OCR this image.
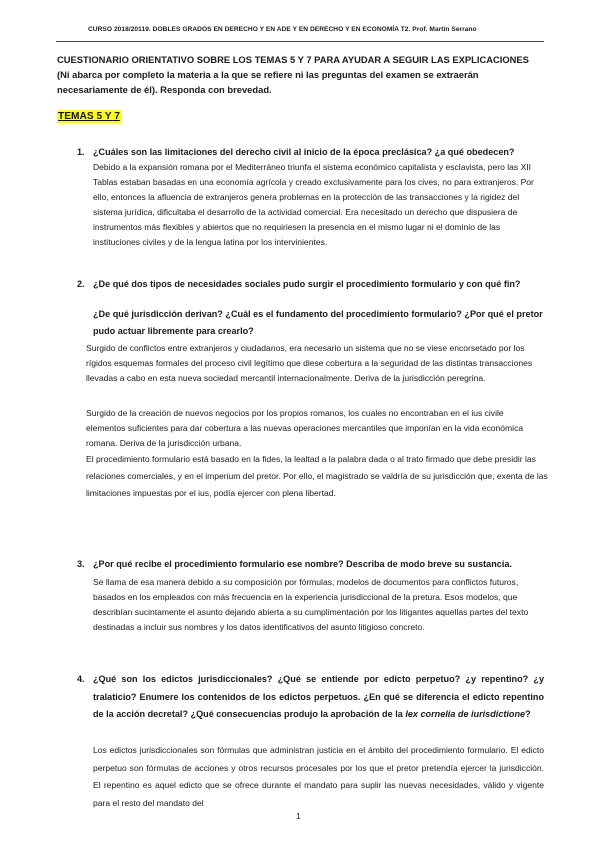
CURSO 2018/20119. DOBLES GRADOS EN DERECHO Y EN ADE Y EN DERECHO Y EN ECONOMÍA T2. Prof. Martín Serrano

CUESTIONARIO ORIENTATIVO SOBRE LOS TEMAS 5 Y 7 PARA AYUDAR A SEGUIR LAS EXPLICACIONES (Ni abarca por completo la materia a la que se refiere ni las preguntas del examen se extraerán necesariamente de él). Responda con brevedad.

TEMAS 5 Y 7
1. ¿Cuáles son las limitaciones del derecho civil al inicio de la época preclásica? ¿a qué obedecen?

Debido a la expansión romana por el Mediterráneo triunfa el sistema económico capitalista y esclavista, pero las XII Tablas estaban basadas en una economía agrícola y creado exclusivamente para los cives, no para extranjeros. Por ello, entonces la afluencia de extranjeros genera problemas en la protección de las transacciones y la rigidez del sistema jurídica, dificultaba el desarrollo de la actividad comercial. Era necesitado un derecho que dispusiera de instrumentos más flexibles y abiertos que no requiriesen la presencia en el mismo lugar ni el dominio de las instituciones civiles y de la lengua latina por los intervinientes.

2. ¿De qué dos tipos de necesidades sociales pudo surgir el procedimiento formulario y con qué fin?

¿De qué jurisdicción derivan? ¿Cuál es el fundamento del procedimiento formulario? ¿Por qué el pretor pudo actuar libremente para crearlo?

Surgido de conflictos entre extranjeros y ciudadanos, era necesario un sistema que no se viese encorsetado por los rígidos esquemas formales del proceso civil legítimo que diese cobertura a la seguridad de las distintas transacciones llevadas a cabo en esta nueva sociedad mercantil internacionalmente. Deriva de la jurisdicción peregrina.

Surgido de la creación de nuevos negocios por los propios romanos, los cuales no encontraban en el ius civile elementos suficientes para dar cobertura a las nuevas operaciones mercantiles que imponían en la vida económica romana. Deriva de la jurisdicción urbana.

El procedimiento formulario está basado en la fides, la lealtad a la palabra dada o al trato firmado que debe presidir las relaciones comerciales, y en el imperium del pretor. Por ello, el magistrado se valdría de su jurisdicción que, exenta de las limitaciones impuestas por el ius, podía ejercer con plena libertad.

3. ¿Por qué recibe el procedimiento formulario ese nombre? Describa de modo breve su sustancia.

Se llama de esa manera debido a su composición por fórmulas, modelos de documentos para conflictos futuros, basados en los empleados con más frecuencia en la experiencia jurisdiccional de la pretura. Esos modelos, que describían sucintamente el asunto dejando abierta a su cumplimentación por los litigantes aquellas partes del texto destinadas a incluir sus nombres y los datos identificativos del asunto litigioso concreto.

4. ¿Qué son los edictos jurisdiccionales? ¿Qué se entiende por edicto perpetuo? ¿y repentino? ¿y tralaticio? Enumere los contenidos de los edictos perpetuos. ¿En qué se diferencia el edicto repentino de la acción decretal? ¿Qué consecuencias produjo la aprobación de la lex cornelia de iurisdictione?

Los edictos jurisdiccionales son fórmulas que administran justicia en el ámbito del procedimiento formulario. El edicto perpetuo son fórmulas de acciones y otros recursos procesales por los que el pretor pretendía ejercer la jurisdicción. El repentino es aquel edicto que se ofrece durante el mandato para suplir las nuevas necesidades, válido y vigente para el resto del mandato del

1
